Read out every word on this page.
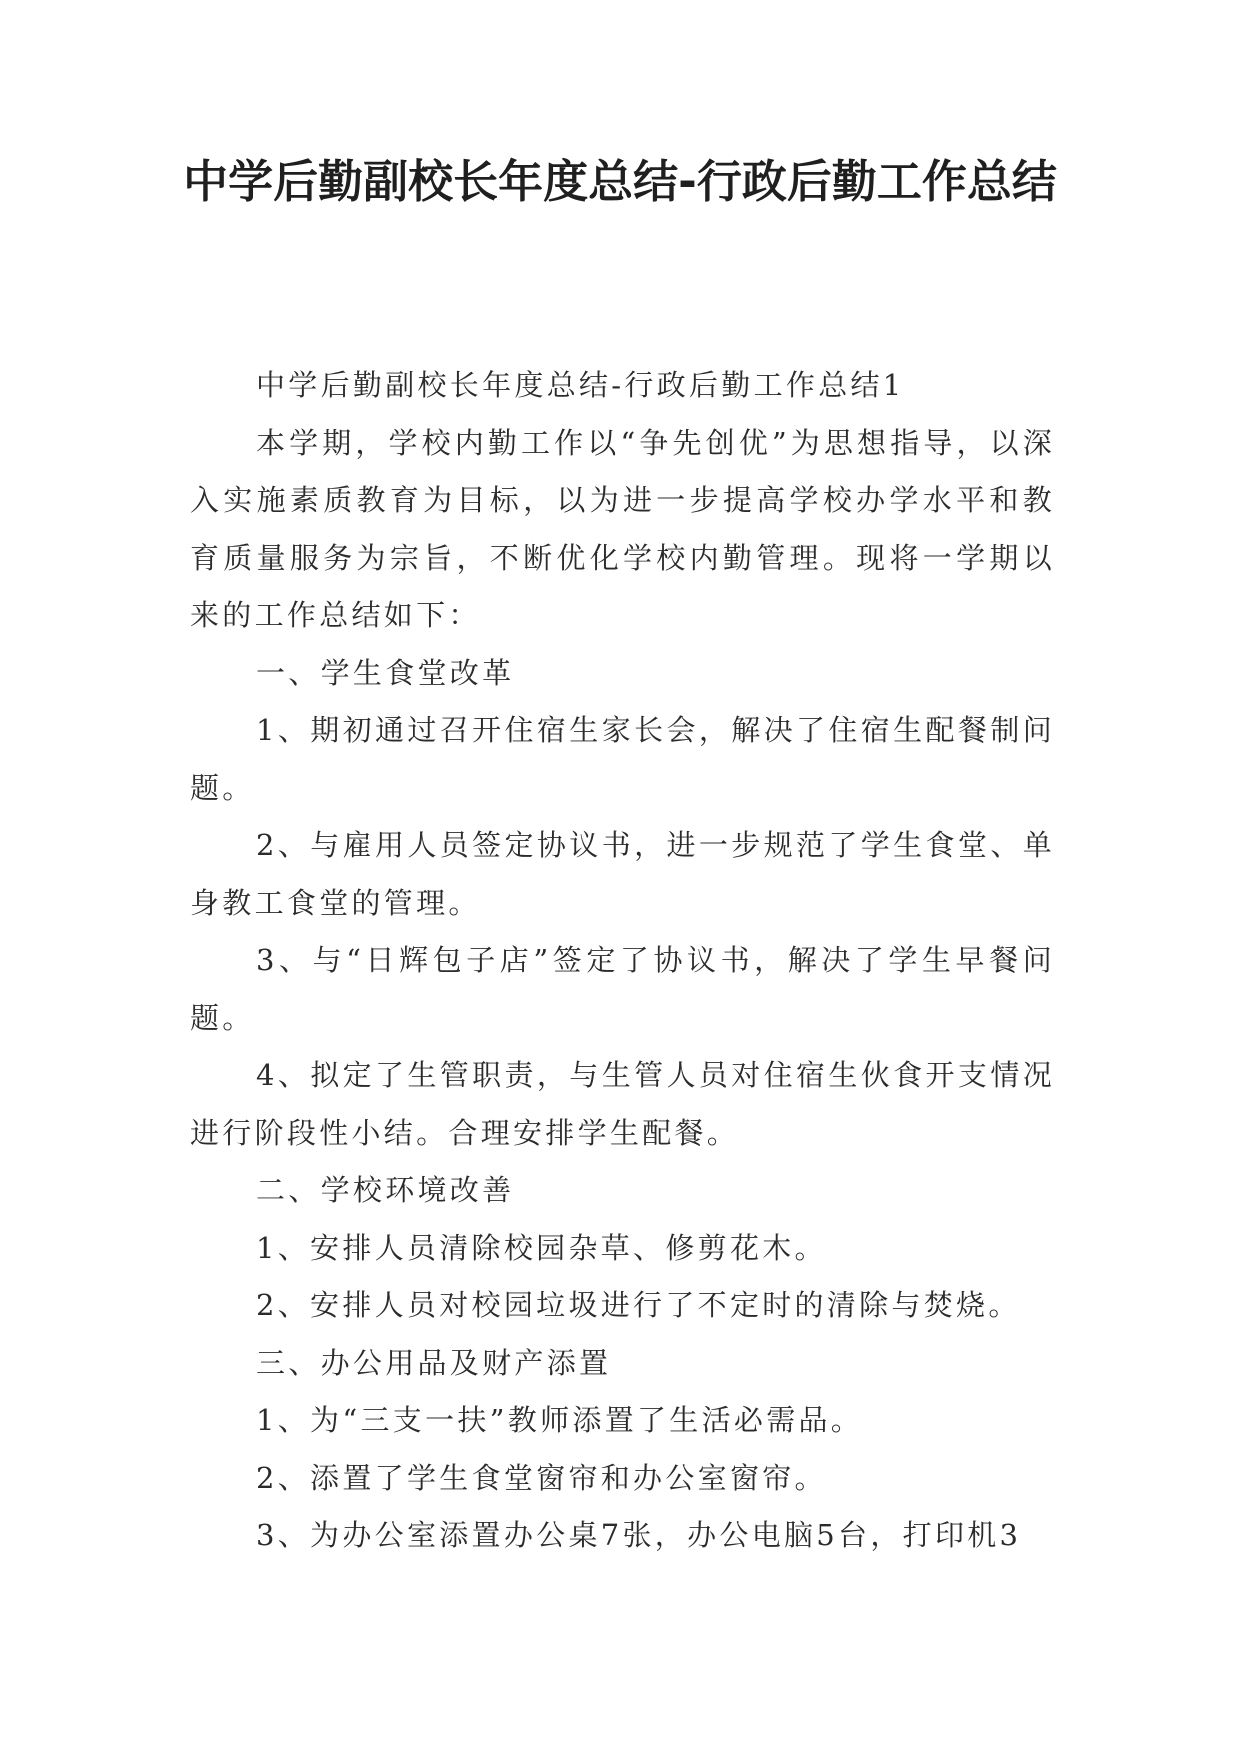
中学后勤副校长年度总结-行政后勤工作总结

中学后勤副校长年度总结-行政后勤工作总结1

本学期，学校内勤工作以“争先创优”为思想指导，以深入实施素质教育为目标，以为进一步提高学校办学水平和教育质量服务为宗旨，不断优化学校内勤管理。现将一学期以来的工作总结如下：

一、学生食堂改革

1、期初通过召开住宿生家长会，解决了住宿生配餐制问题。

2、与雇用人员签定协议书，进一步规范了学生食堂、单身教工食堂的管理。

3、与“日辉包子店”签定了协议书，解决了学生早餐问题。

4、拟定了生管职责，与生管人员对住宿生伙食开支情况进行阶段性小结。合理安排学生配餐。

二、学校环境改善

1、安排人员清除校园杂草、修剪花木。

2、安排人员对校园垃圾进行了不定时的清除与焚烧。

三、办公用品及财产添置

1、为“三支一扶”教师添置了生活必需品。

2、添置了学生食堂窗帘和办公室窗帘。

3、为办公室添置办公桌7张，办公电脑5台，打印机3
